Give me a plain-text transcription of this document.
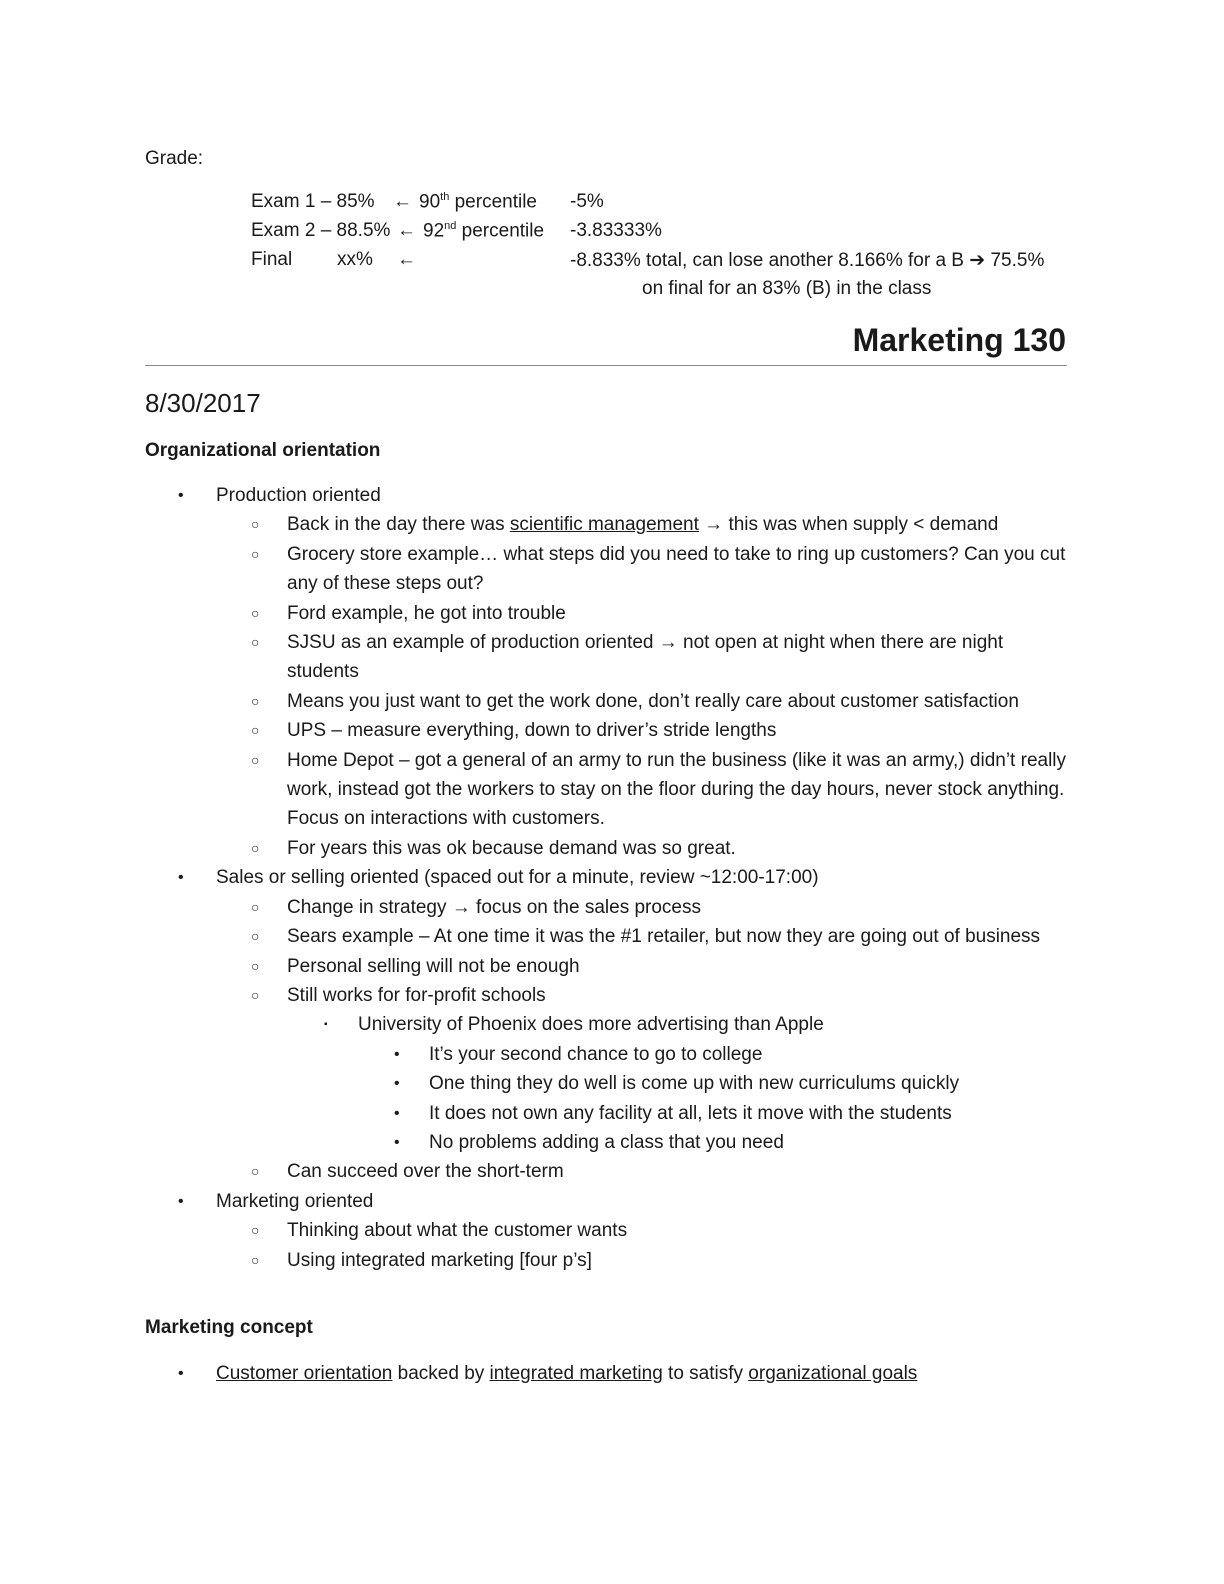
Grade:
Exam 1 – 85% ← 90th percentile -5%
Exam 2 – 88.5% ← 92nd percentile -3.83333%
Final xx% ←	-8.833% total, can lose another 8.166% for a B ➔ 75.5%
on final for an 83% (B) in the class
Marketing 130
8/30/2017
Organizational orientation
• Production oriented
○ Back in the day there was scientific management → this was when supply < demand
○ Grocery store example… what steps did you need to take to ring up customers? Can you cut any of these steps out?
○ Ford example, he got into trouble
○ SJSU as an example of production oriented → not open at night when there are night students
○ Means you just want to get the work done, don’t really care about customer satisfaction
○ UPS – measure everything, down to driver’s stride lengths
○ Home Depot – got a general of an army to run the business (like it was an army,) didn’t really work, instead got the workers to stay on the floor during the day hours, never stock anything. Focus on interactions with customers.
○ For years this was ok because demand was so great.
• Sales or selling oriented (spaced out for a minute, review ~12:00-17:00)
○ Change in strategy → focus on the sales process
○ Sears example – At one time it was the #1 retailer, but now they are going out of business
○ Personal selling will not be enough
○ Still works for for-profit schools
▪ University of Phoenix does more advertising than Apple
• It’s your second chance to go to college
• One thing they do well is come up with new curriculums quickly
• It does not own any facility at all, lets it move with the students
• No problems adding a class that you need
○ Can succeed over the short-term
• Marketing oriented
○ Thinking about what the customer wants
○ Using integrated marketing [four p’s]
Marketing concept
• Customer orientation backed by integrated marketing to satisfy organizational goals
